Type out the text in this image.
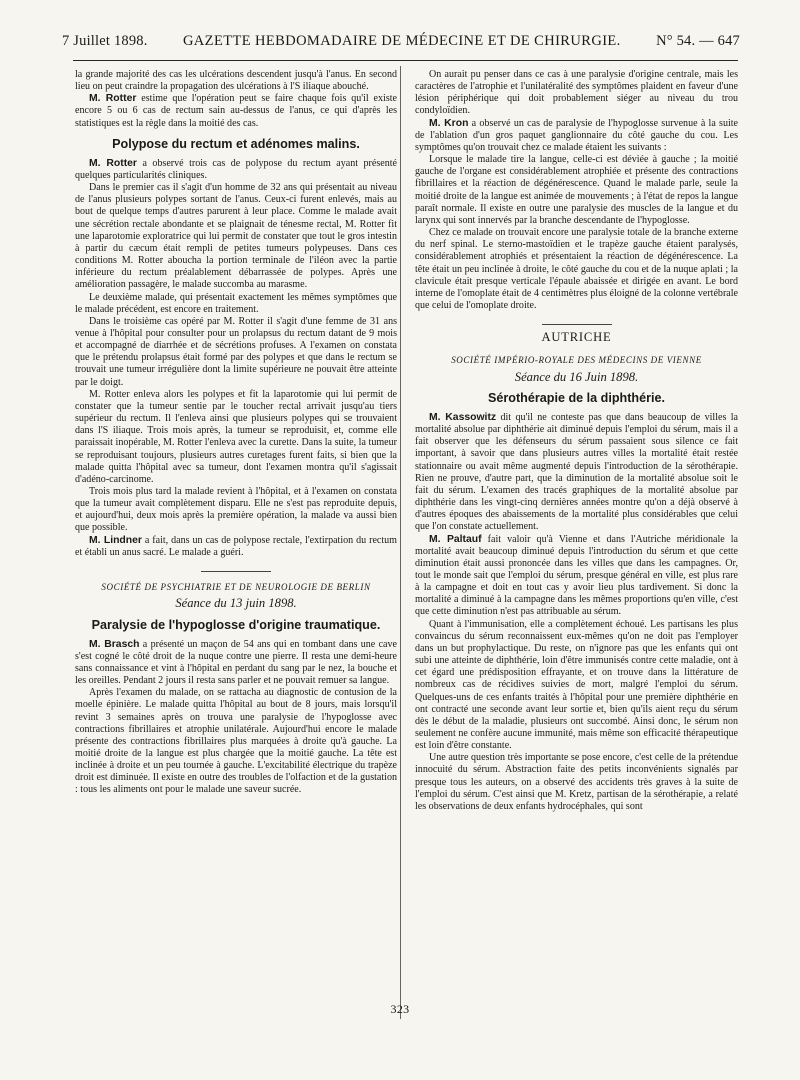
7 Juillet 1898. GAZETTE HEBDOMADAIRE DE MÉDECINE ET DE CHIRURGIE. N° 54. — 647

la grande majorité des cas les ulcérations descendent jusqu'à l'anus. En second lieu on peut craindre la propagation des ulcérations à l'S iliaque abouché.

M. Rotter estime que l'opération peut se faire chaque fois qu'il existe encore 5 ou 6 cas de rectum sain au-dessus de l'anus, ce qui d'après les statistiques est la règle dans la moitié des cas.

Polypose du rectum et adénomes malins.

M. Rotter a observé trois cas de polypose du rectum ayant présenté quelques particularités cliniques.

Dans le premier cas il s'agit d'un homme de 32 ans qui présentait au niveau de l'anus plusieurs polypes sortant de l'anus. Ceux-ci furent enlevés, mais au bout de quelque temps d'autres parurent à leur place. Comme le malade avait une sécrétion rectale abondante et se plaignait de ténesme rectal, M. Rotter fit une laparotomie exploratrice qui lui permit de constater que tout le gros intestin à partir du cæcum était rempli de petites tumeurs polypeuses. Dans ces conditions M. Rotter aboucha la portion terminale de l'iléon avec la partie inférieure du rectum préalablement débarrassée de polypes. Après une amélioration passagère, le malade succomba au marasme.

Le deuxième malade, qui présentait exactement les mêmes symptômes que le malade précédent, est encore en traitement.

Dans le troisième cas opéré par M. Rotter il s'agit d'une femme de 31 ans venue à l'hôpital pour consulter pour un prolapsus du rectum datant de 9 mois et accompagné de diarrhée et de sécrétions profuses. A l'examen on constata que le prétendu prolapsus était formé par des polypes et que dans le rectum se trouvait une tumeur irrégulière dont la limite supérieure ne pouvait être atteinte par le doigt.

M. Rotter enleva alors les polypes et fit la laparotomie qui lui permit de constater que la tumeur sentie par le toucher rectal arrivait jusqu'au tiers supérieur du rectum. Il l'enleva ainsi que plusieurs polypes qui se trouvaient dans l'S iliaque. Trois mois après, la tumeur se reproduisit, et, comme elle paraissait inopérable, M. Rotter l'enleva avec la curette. Dans la suite, la tumeur se reproduisant toujours, plusieurs autres curetages furent faits, si bien que la malade quitta l'hôpital avec sa tumeur, dont l'examen montra qu'il s'agissait d'adéno-carcinome.

Trois mois plus tard la malade revient à l'hôpital, et à l'examen on constata que la tumeur avait complètement disparu. Elle ne s'est pas reproduite depuis, et aujourd'hui, deux mois après la première opération, la malade va aussi bien que possible.

M. Lindner a fait, dans un cas de polypose rectale, l'extirpation du rectum et établi un anus sacré. Le malade a guéri.

SOCIÉTÉ DE PSYCHIATRIE ET DE NEUROLOGIE DE BERLIN
Séance du 13 juin 1898.
Paralysie de l'hypoglosse d'origine traumatique.

M. Brasch a présenté un maçon de 54 ans qui en tombant dans une cave s'est cogné le côté droit de la nuque contre une pierre. Il resta une demi-heure sans connaissance et vint à l'hôpital en perdant du sang par le nez, la bouche et les oreilles. Pendant 2 jours il resta sans parler et ne pouvait remuer sa langue.

Après l'examen du malade, on se rattacha au diagnostic de contusion de la moelle épinière. Le malade quitta l'hôpital au bout de 8 jours, mais lorsqu'il revint 3 semaines après on trouva une paralysie de l'hypoglosse avec contractions fibrillaires et atrophie unilatérale. Aujourd'hui encore le malade présente des contractions fibrillaires plus marquées à droite qu'à gauche. La moitié droite de la langue est plus chargée que la moitié gauche. La tête est inclinée à droite et un peu tournée à gauche. L'excitabilité électrique du trapèze droit est diminuée. Il existe en outre des troubles de l'olfaction et de la gustation : tous les aliments ont pour le malade une saveur sucrée.

On aurait pu penser dans ce cas à une paralysie d'origine centrale, mais les caractères de l'atrophie et l'unilatéralité des symptômes plaident en faveur d'une lésion périphérique qui doit probablement siéger au niveau du trou condyloïdien.

M. Kron a observé un cas de paralysie de l'hypoglosse survenue à la suite de l'ablation d'un gros paquet ganglionnaire du côté gauche du cou. Les symptômes qu'on trouvait chez ce malade étaient les suivants :

Lorsque le malade tire la langue, celle-ci est déviée à gauche ; la moitié gauche de l'organe est considérablement atrophiée et présente des contractions fibrillaires et la réaction de dégénérescence. Quand le malade parle, seule la moitié droite de la langue est animée de mouvements ; à l'état de repos la langue paraît normale. Il existe en outre une paralysie des muscles de la langue et du larynx qui sont innervés par la branche descendante de l'hypoglosse.

Chez ce malade on trouvait encore une paralysie totale de la branche externe du nerf spinal. Le sterno-mastoïdien et le trapèze gauche étaient paralysés, considérablement atrophiés et présentaient la réaction de dégénérescence. La tête était un peu inclinée à droite, le côté gauche du cou et de la nuque aplati ; la clavicule était presque verticale l'épaule abaissée et dirigée en avant. Le bord interne de l'omoplate était de 4 centimètres plus éloigné de la colonne vertébrale que celui de l'omoplate droite.

AUTRICHE
SOCIÉTÉ IMPÉRIO-ROYALE DES MÉDECINS DE VIENNE
Séance du 16 Juin 1898.
Sérothérapie de la diphthérie.

M. Kassowitz dit qu'il ne conteste pas que dans beaucoup de villes la mortalité absolue par diphthérie ait diminué depuis l'emploi du sérum, mais il a fait observer que les défenseurs du sérum passaient sous silence ce fait important, à savoir que dans plusieurs autres villes la mortalité était restée stationnaire ou avait même augmenté depuis l'introduction de la sérothérapie. Rien ne prouve, d'autre part, que la diminution de la mortalité absolue soit le fait du sérum. L'examen des tracés graphiques de la mortalité absolue par diphthérie dans les vingt-cinq dernières années montre qu'on a déjà observé à d'autres époques des abaissements de la mortalité plus considérables que celui que l'on constate actuellement.

M. Paltauf fait valoir qu'à Vienne et dans l'Autriche méridionale la mortalité avait beaucoup diminué depuis l'introduction du sérum et que cette diminution était aussi prononcée dans les villes que dans les campagnes. Or, tout le monde sait que l'emploi du sérum, presque général en ville, est plus rare à la campagne et doit en tout cas y avoir lieu plus tardivement. Si donc la mortalité a diminué à la campagne dans les mêmes proportions qu'en ville, c'est que cette diminution n'est pas attribuable au sérum.

Quant à l'immunisation, elle a complètement échoué. Les partisans les plus convaincus du sérum reconnaissent eux-mêmes qu'on ne doit pas l'employer dans un but prophylactique. Du reste, on n'ignore pas que les enfants qui ont subi une atteinte de diphthérie, loin d'être immunisés contre cette maladie, ont à cet égard une prédisposition effrayante, et on trouve dans la littérature de nombreux cas de récidives suivies de mort, malgré l'emploi du sérum. Quelques-uns de ces enfants traités à l'hôpital pour une première diphthérie en ont contracté une seconde avant leur sortie et, bien qu'ils aient reçu du sérum dès le début de la maladie, plusieurs ont succombé. Ainsi donc, le sérum non seulement ne confère aucune immunité, mais même son efficacité thérapeutique est loin d'être constante.

Une autre question très importante se pose encore, c'est celle de la prétendue innocuité du sérum. Abstraction faite des petits inconvénients signalés par presque tous les auteurs, on a observé des accidents très graves à la suite de l'emploi du sérum. C'est ainsi que M. Kretz, partisan de la sérothérapie, a relaté les observations de deux enfants hydrocéphales, qui sont

323
